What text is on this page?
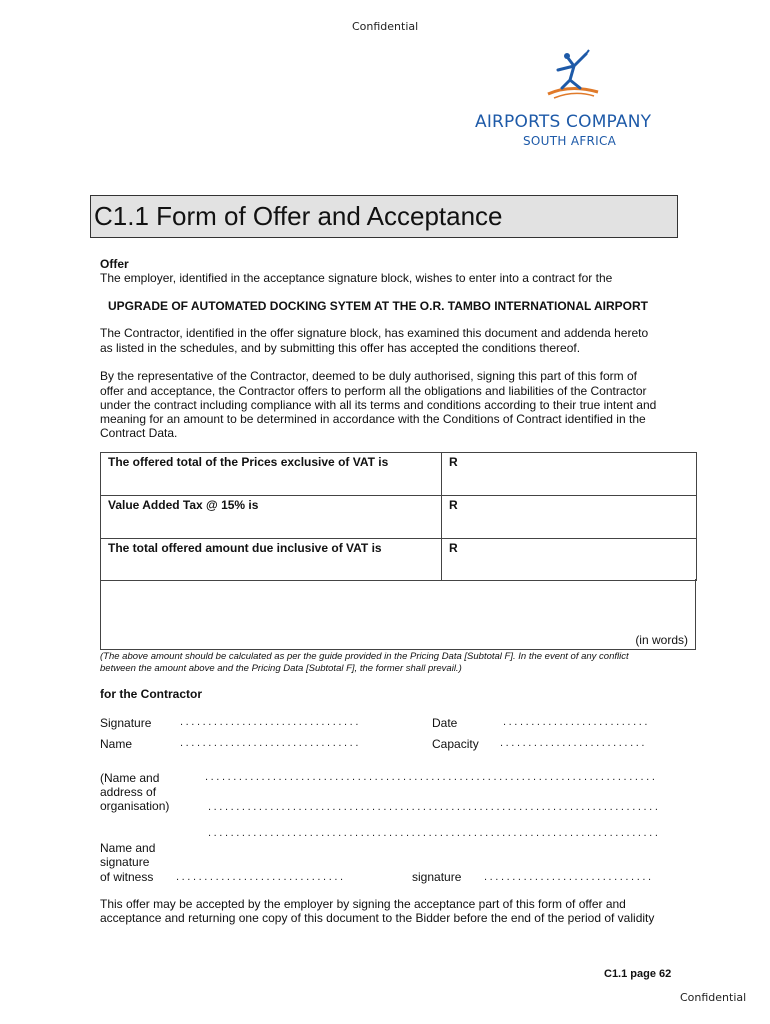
Confidential
AIRPORTS COMPANY
SOUTH AFRICA
C1.1 Form of Offer and Acceptance
Offer
The employer, identified in the acceptance signature block, wishes to enter into a contract for the
UPGRADE OF AUTOMATED DOCKING SYTEM AT THE O.R. TAMBO INTERNATIONAL AIRPORT
The Contractor, identified in the offer signature block, has examined this document and addenda hereto
as listed in the schedules, and by submitting this offer has accepted the conditions thereof.
By the representative of the Contractor, deemed to be duly authorised, signing this part of this form of
offer and acceptance, the Contractor offers to perform all the obligations and liabilities of the Contractor
under the contract including compliance with all its terms and conditions according to their true intent and
meaning for an amount to be determined in accordance with the Conditions of Contract identified in the
Contract Data.
The offered total of the Prices exclusive of VAT is	R
Value Added Tax @ 15% is	R
The total offered amount due inclusive of VAT is	R
(in words)
(The above amount should be calculated as per the guide provided in the Pricing Data [Subtotal F]. In the event of any conflict
between the amount above and the Pricing Data [Subtotal F], the former shall prevail.)
for the Contractor
Signature	................................	Date	..........................
Name	................................	Capacity ..........................
(Name and
address of
organisation)
................................................................................
................................................................................
................................................................................
Name and
signature
of witness ..............................	signature ..............................
This offer may be accepted by the employer by signing the acceptance part of this form of offer and
acceptance and returning one copy of this document to the Bidder before the end of the period of validity
C1.1 page 62
Confidential
